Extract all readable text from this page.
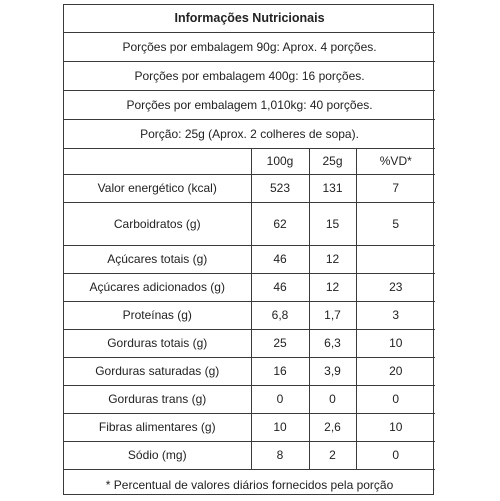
Informações Nutricionais			
Porções por embalagem 90g: Aprox. 4 porções.			
Porções por embalagem 400g: 16 porções.			
Porções por embalagem 1,010kg: 40 porções.			
Porção: 25g (Aprox. 2 colheres de sopa).			
	100g	25g	%VD*
Valor energético (kcal)	523	131	7
Carboidratos (g)	62	15	5
Açúcares totais (g)	46	12	
Açúcares adicionados (g)	46	12	23
Proteínas (g)	6,8	1,7	3
Gorduras totais (g)	25	6,3	10
Gorduras saturadas (g)	16	3,9	20
Gorduras trans (g)	0	0	0
Fibras alimentares (g)	10	2,6	10
Sódio (mg)	8	2	0
* Percentual de valores diários fornecidos pela porção			
